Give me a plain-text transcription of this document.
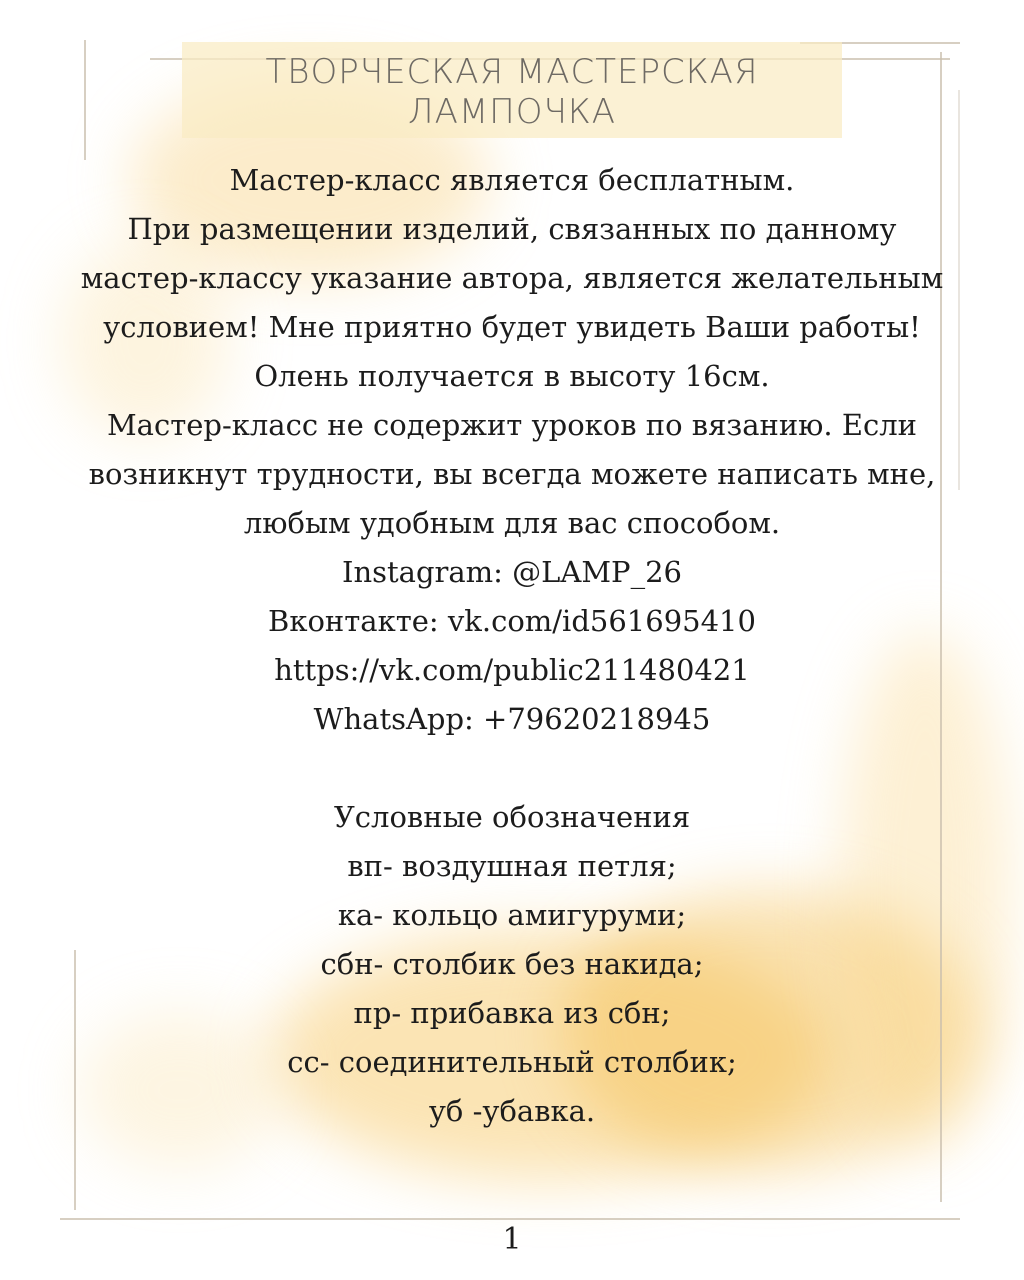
ТВОРЧЕСКАЯ МАСТЕРСКАЯ
ЛАМПОЧКА
Мастер-класс является бесплатным.
При размещении изделий, связанных по данному
мастер-классу указание автора, является желательным
условием! Мне приятно будет увидеть Ваши работы!
Олень получается в высоту 16см.
Мастер-класс не содержит уроков по вязанию. Если
возникнут трудности, вы всегда можете написать мне,
любым удобным для вас способом.
Instagram: @LAMP_26
Вконтакте: vk.com/id561695410
https://vk.com/public211480421
WhatsApp: +79620218945
Условные обозначения
вп- воздушная петля;
ка- кольцо амигуруми;
сбн- столбик без накида;
пр- прибавка из сбн;
сс- соединительный столбик;
уб -убавка.
1
